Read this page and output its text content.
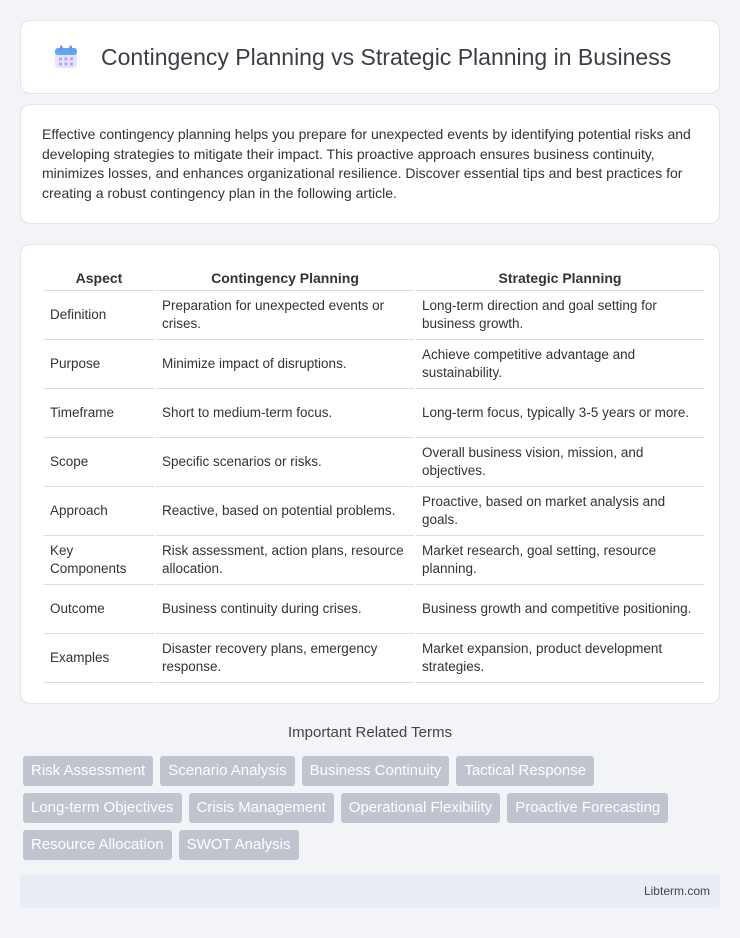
Contingency Planning vs Strategic Planning in Business

Effective contingency planning helps you prepare for unexpected events by identifying potential risks and developing strategies to mitigate their impact. This proactive approach ensures business continuity, minimizes losses, and enhances organizational resilience. Discover essential tips and best practices for creating a robust contingency plan in the following article.

Aspect	Contingency Planning	Strategic Planning
Definition	Preparation for unexpected events or crises.	Long-term direction and goal setting for business growth.
Purpose	Minimize impact of disruptions.	Achieve competitive advantage and sustainability.
Timeframe	Short to medium-term focus.	Long-term focus, typically 3-5 years or more.
Scope	Specific scenarios or risks.	Overall business vision, mission, and objectives.
Approach	Reactive, based on potential problems.	Proactive, based on market analysis and goals.
Key Components	Risk assessment, action plans, resource allocation.	Market research, goal setting, resource planning.
Outcome	Business continuity during crises.	Business growth and competitive positioning.
Examples	Disaster recovery plans, emergency response.	Market expansion, product development strategies.
Important Related Terms
Risk Assessment	Scenario Analysis	Business Continuity	Tactical Response
Long-term Objectives	Crisis Management	Operational Flexibility	Proactive Forecasting
Resource Allocation	SWOT Analysis
Libterm.com
